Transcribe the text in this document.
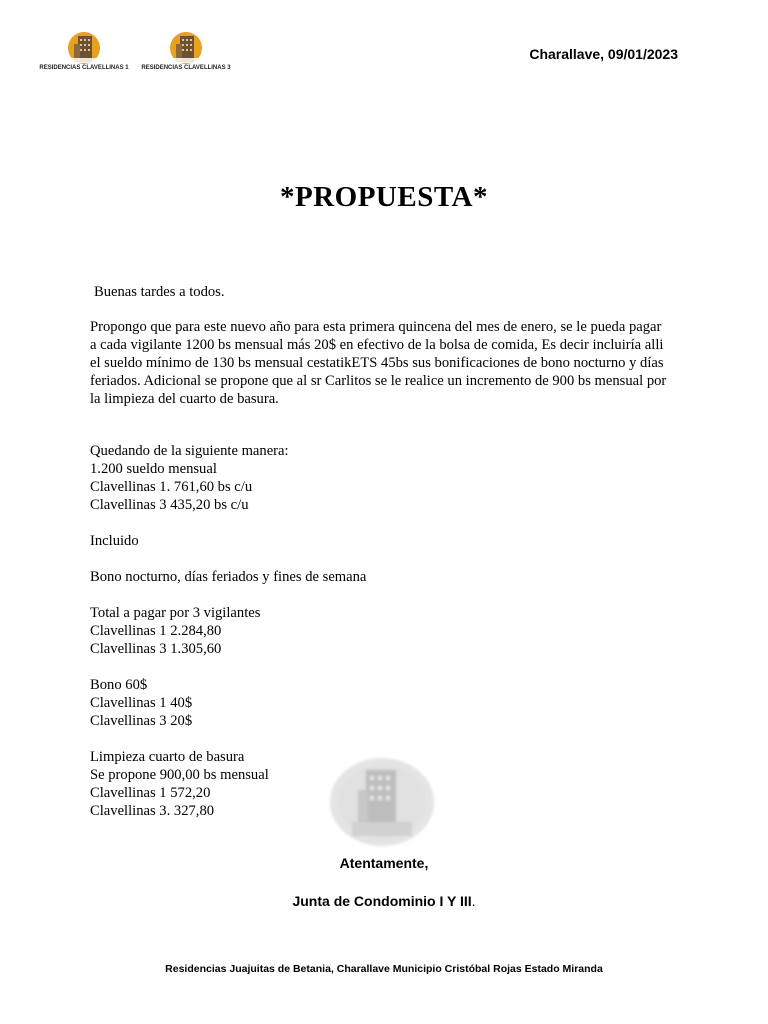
RESIDENCIAS CLAVELLINAS 1	RESIDENCIAS CLAVELLINAS 3
Charallave, 09/01/2023
*PROPUESTA*
Buenas tardes a todos.
Propongo que para este nuevo año para esta primera quincena del mes de enero, se le pueda pagar a cada vigilante 1200 bs mensual más 20$ en efectivo de la bolsa de comida, Es decir incluiría alli el sueldo mínimo de 130 bs mensual cestatikETS 45bs sus bonificaciones de bono nocturno y días feriados. Adicional se propone que al sr Carlitos se le realice un incremento de 900 bs mensual por la limpieza del cuarto de basura.
Quedando de la siguiente manera:
1.200 sueldo mensual
Clavellinas 1. 761,60 bs c/u
Clavellinas 3 435,20 bs c/u
Incluido
Bono nocturno, días feriados y fines de semana
Total a pagar por 3 vigilantes
Clavellinas 1 2.284,80
Clavellinas 3 1.305,60
Bono 60$
Clavellinas 1 40$
Clavellinas 3 20$
Limpieza cuarto de basura
Se propone 900,00 bs mensual
Clavellinas 1 572,20
Clavellinas 3. 327,80
Atentamente,
Junta de Condominio I Y III.
Residencias Juajuitas de Betania, Charallave Municipio Cristóbal Rojas Estado Miranda
